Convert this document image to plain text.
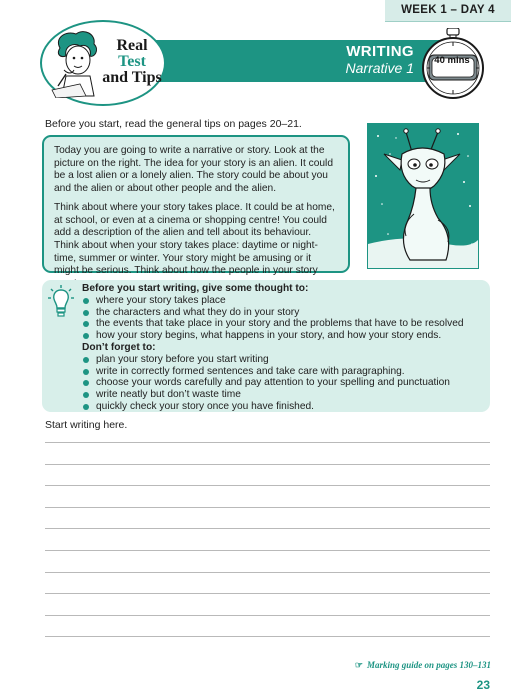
WEEK 1 – DAY 4
Real
Test
and Tips
WRITING
Narrative 1	40 mins
Before you start, read the general tips on pages 20–21.

Today you are going to write a narrative or story. Look at the picture on the right. The idea for your story is an alien. It could be a lost alien or a lonely alien. The story could be about you and the alien or about other people and the alien.

Think about where your story takes place. It could be at home, at school, or even at a cinema or shopping centre! You could add a description of the alien and tell about its behaviour. Think about when your story takes place: daytime or night-time, summer or winter. Your story might be amusing or it might be serious. Think about how the people in your story

Before you start writing, give some thought to:
where your story takes place
the characters and what they do in your story
the events that take place in your story and the problems that have to be resolved
how your story begins, what happens in your story, and how your story ends.
Don’t forget to:
plan your story before you start writing
write in correctly formed sentences and take care with paragraphing.
choose your words carefully and pay attention to your spelling and punctuation
write neatly but don’t waste time
quickly check your story once you have finished.
Start writing here.
☞ Marking guide on pages 130–131
23
